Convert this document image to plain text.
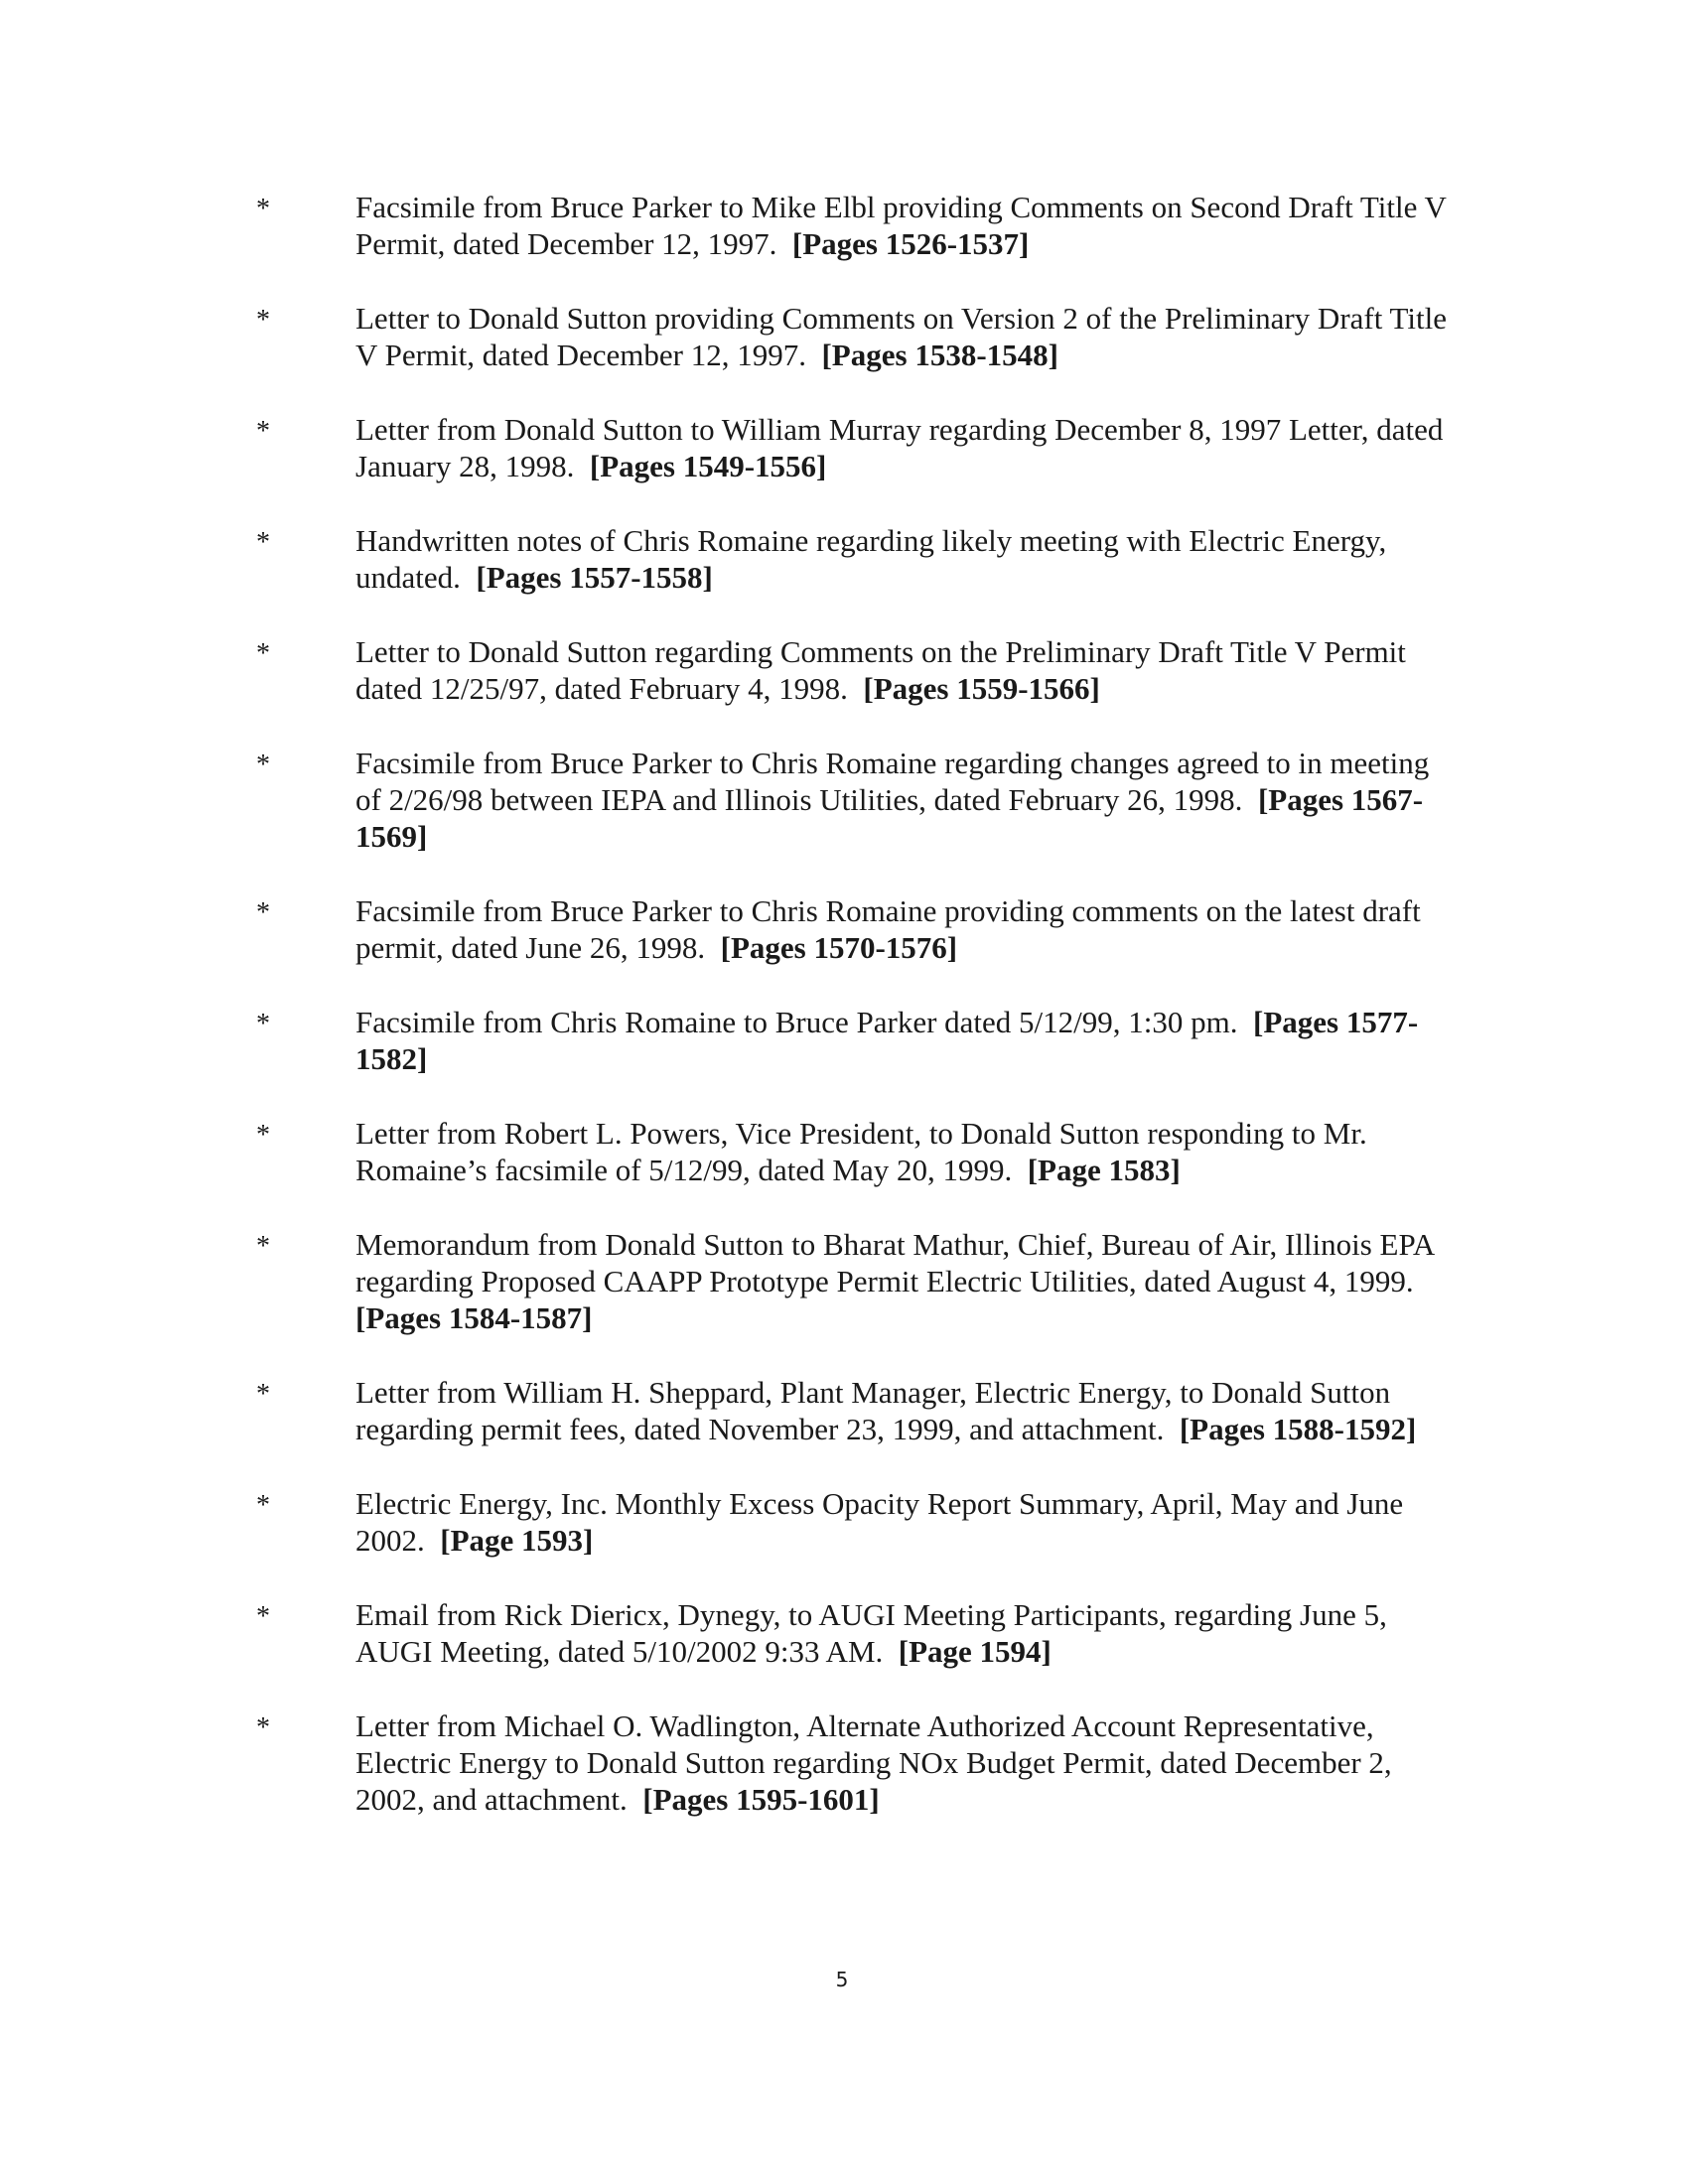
*	Facsimile from Bruce Parker to Mike Elbl providing Comments on Second Draft Title V Permit, dated December 12, 1997. [Pages 1526-1537]
*	Letter to Donald Sutton providing Comments on Version 2 of the Preliminary Draft Title V Permit, dated December 12, 1997. [Pages 1538-1548]
*	Letter from Donald Sutton to William Murray regarding December 8, 1997 Letter, dated January 28, 1998. [Pages 1549-1556]
*	Handwritten notes of Chris Romaine regarding likely meeting with Electric Energy, undated. [Pages 1557-1558]
*	Letter to Donald Sutton regarding Comments on the Preliminary Draft Title V Permit dated 12/25/97, dated February 4, 1998. [Pages 1559-1566]
*	Facsimile from Bruce Parker to Chris Romaine regarding changes agreed to in meeting of 2/26/98 between IEPA and Illinois Utilities, dated February 26, 1998. [Pages 1567-1569]
*	Facsimile from Bruce Parker to Chris Romaine providing comments on the latest draft permit, dated June 26, 1998. [Pages 1570-1576]
*	Facsimile from Chris Romaine to Bruce Parker dated 5/12/99, 1:30 pm. [Pages 1577-1582]
*	Letter from Robert L. Powers, Vice President, to Donald Sutton responding to Mr. Romaine’s facsimile of 5/12/99, dated May 20, 1999. [Page 1583]
*	Memorandum from Donald Sutton to Bharat Mathur, Chief, Bureau of Air, Illinois EPA regarding Proposed CAAPP Prototype Permit Electric Utilities, dated August 4, 1999.  [Pages 1584-1587]
*	Letter from William H. Sheppard, Plant Manager, Electric Energy, to Donald Sutton regarding permit fees, dated November 23, 1999, and attachment. [Pages 1588-1592]
*	Electric Energy, Inc. Monthly Excess Opacity Report Summary, April, May and June 2002. [Page 1593]
*	Email from Rick Diericx, Dynegy, to AUGI Meeting Participants, regarding June 5, AUGI Meeting, dated 5/10/2002 9:33 AM. [Page 1594]
*	Letter from Michael O. Wadlington, Alternate Authorized Account Representative, Electric Energy to Donald Sutton regarding NOx Budget Permit, dated December 2, 2002, and attachment. [Pages 1595-1601]
5
